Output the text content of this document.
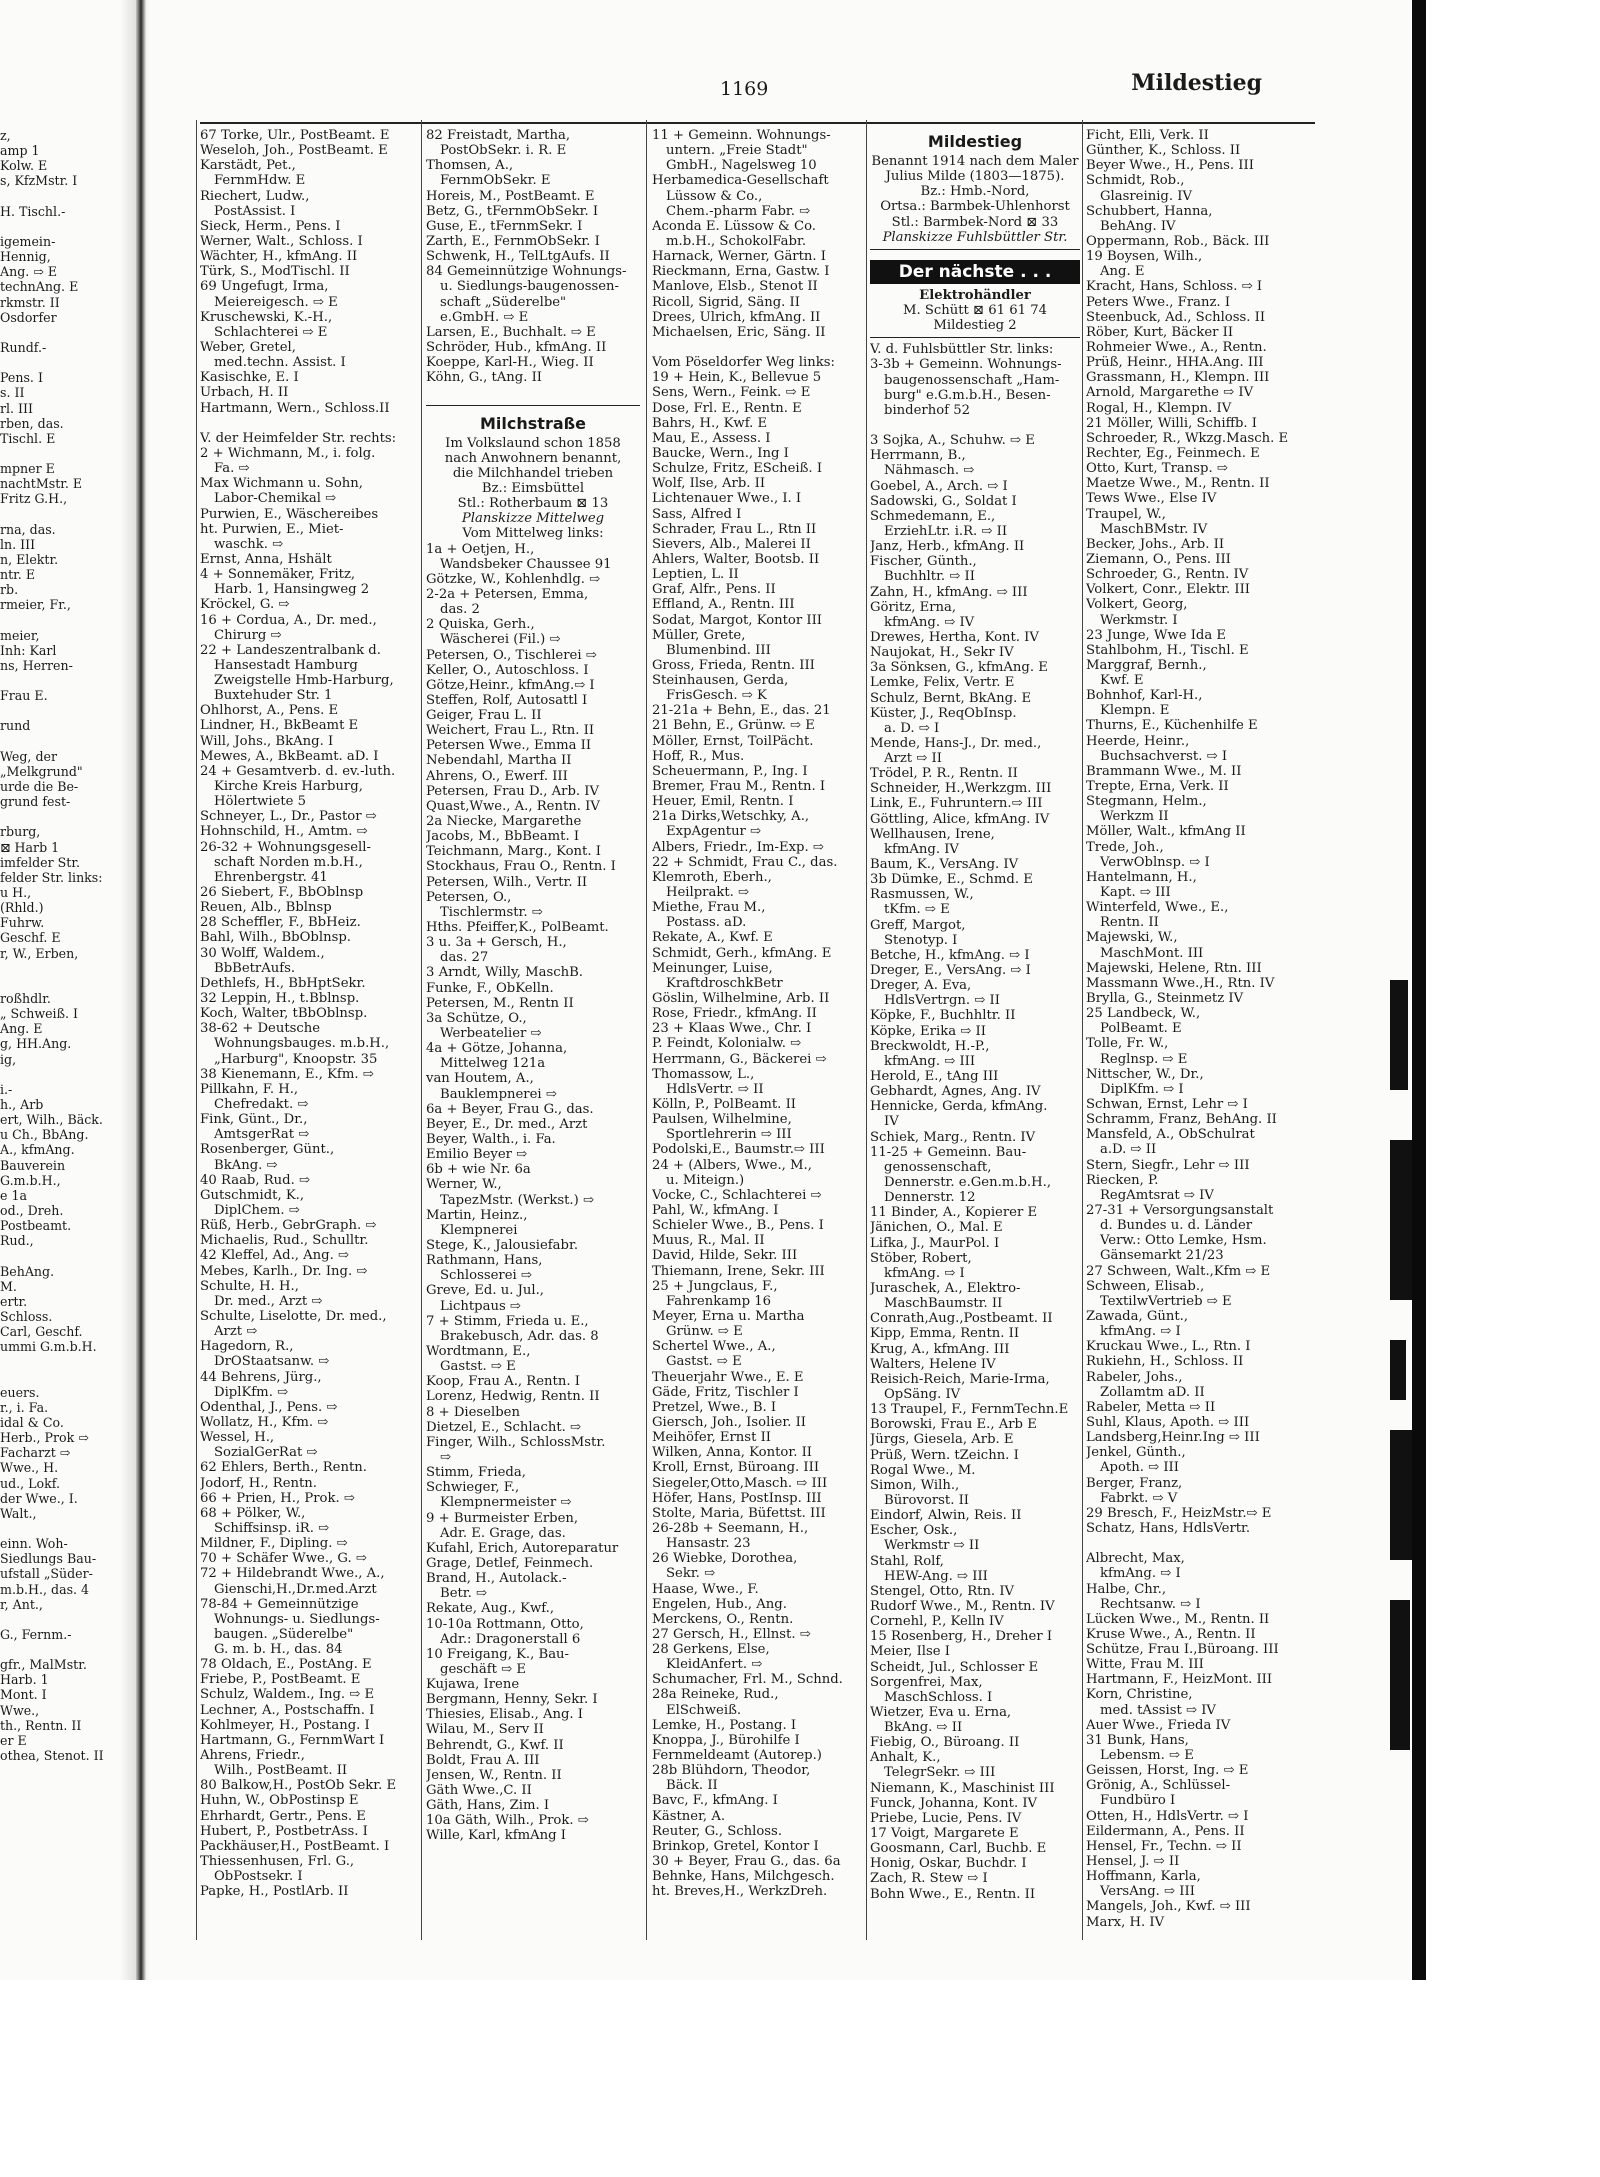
1169	Mildestieg
z,
amp 1
Kolw. E
s, KfzMstr. I
H. Tischl.-
igemein-
Hennig,
Ang. ⇨ E
technAng. E
rkmstr. II
Osdorfer
Rundf.-
Pens. I
s. II
rl. III
rben, das.
Tischl. E
mpner E
nachtMstr. E
Fritz G.H.,
rna, das.
ln. III
n, Elektr.
ntr. E
rb.
rmeier, Fr.,
meier,
Inh: Karl
ns, Herren-
Frau E.
rund
Weg, der
„Melkgrund"
urde die Be-
grund fest-
rburg,
⊠ Harb 1
imfelder Str.
felder Str. links:
u H.,
(Rhld.)
Fuhrw.
Geschf. E
r, W., Erben,
roßhdlr.
„ Schweiß. I
Ang. E
g, HH.Ang.
ig,
i.-
h., Arb
ert, Wilh., Bäck.
u Ch., BbAng.
A., kfmAng.
Bauverein
G.m.b.H.,
e 1a
od., Dreh.
Postbeamt.
Rud.,
BehAng.
M.
ertr.
Schloss.
Carl, Geschf.
ummi G.m.b.H.
euers.
r., i. Fa.
idal & Co.
Herb., Prok ⇨
Facharzt ⇨
Wwe., H.
ud., Lokf.
der Wwe., I.
Walt.,
einn. Woh-
Siedlungs Bau-
ufstall „Süder-
m.b.H., das. 4
r, Ant.,
G., Fernm.-
gfr., MalMstr.
Harb. 1
Mont. I
Wwe.,
th., Rentn. II
er E
othea, Stenot. II
67 Torke, Ulr., PostBeamt. E
Weseloh, Joh., PostBeamt. E
Karstädt, Pet.,
FernmHdw. E
Riechert, Ludw.,
PostAssist. I
Sieck, Herm., Pens. I
Werner, Walt., Schloss. I
Wächter, H., kfmAng. II
Türk, S., ModTischl. II
69 Ungefugt, Irma,
Meiereigesch. ⇨ E
Kruschewski, K.-H.,
Schlachterei ⇨ E
Weber, Gretel,
med.techn. Assist. I
Kasischke, E. I
Urbach, H. II
Hartmann, Wern., Schloss.II
V. der Heimfelder Str. rechts:
2 + Wichmann, M., i. folg.
Fa. ⇨
Max Wichmann u. Sohn,
Labor-Chemikal ⇨
Purwien, E., Wäschereibes
ht. Purwien, E., Miet-
waschk. ⇨
Ernst, Anna, Hshält
4 + Sonnemäker, Fritz,
Harb. 1, Hansingweg 2
Kröckel, G. ⇨
16 + Cordua, A., Dr. med.,
Chirurg ⇨
22 + Landeszentralbank d.
Hansestadt Hamburg
Zweigstelle Hmb-Harburg,
Buxtehuder Str. 1
Ohlhorst, A., Pens. E
Lindner, H., BkBeamt E
Will, Johs., BkAng. I
Mewes, A., BkBeamt. aD. I
24 + Gesamtverb. d. ev.-luth.
Kirche Kreis Harburg,
Hölertwiete 5
Schneyer, L., Dr., Pastor ⇨
Hohnschild, H., Amtm. ⇨
26-32 + Wohnungsgesell-
schaft Norden m.b.H.,
Ehrenbergstr. 41
26 Siebert, F., BbOblnsp
Reuen, Alb., Bblnsp
28 Scheffler, F., BbHeiz.
Bahl, Wilh., BbOblnsp.
30 Wolff, Waldem.,
BbBetrAufs.
Dethlefs, H., BbHptSekr.
32 Leppin, H., t.Bblnsp.
Koch, Walter, tBbOblnsp.
38-62 + Deutsche
Wohnungsbauges. m.b.H.,
„Harburg", Knoopstr. 35
38 Kienemann, E., Kfm. ⇨
Pillkahn, F. H.,
Chefredakt. ⇨
Fink, Günt., Dr.,
AmtsgerRat ⇨
Rosenberger, Günt.,
BkAng. ⇨
40 Raab, Rud. ⇨
Gutschmidt, K.,
DiplChem. ⇨
Rüß, Herb., GebrGraph. ⇨
Michaelis, Rud., Schulltr.
42 Kleffel, Ad., Ang. ⇨
Mebes, Karlh., Dr. Ing. ⇨
Schulte, H. H.,
Dr. med., Arzt ⇨
Schulte, Liselotte, Dr. med.,
Arzt ⇨
Hagedorn, R.,
DrOStaatsanw. ⇨
44 Behrens, Jürg.,
DiplKfm. ⇨
Odenthal, J., Pens. ⇨
Wollatz, H., Kfm. ⇨
Wessel, H.,
SozialGerRat ⇨
62 Ehlers, Berth., Rentn.
Jodorf, H., Rentn.
66 + Prien, H., Prok. ⇨
68 + Pölker, W.,
Schiffsinsp. iR. ⇨
Mildner, F., Dipling. ⇨
70 + Schäfer Wwe., G. ⇨
72 + Hildebrandt Wwe., A.,
Gienschi,H.,Dr.med.Arzt
78-84 + Gemeinnützige
Wohnungs- u. Siedlungs-
baugen. „Süderelbe"
G. m. b. H., das. 84
78 Oldach, E., PostAng. E
Friebe, P., PostBeamt. E
Schulz, Waldem., Ing. ⇨ E
Lechner, A., Postschaffn. I
Kohlmeyer, H., Postang. I
Hartmann, G., FernmWart I
Ahrens, Friedr.,
Wilh., PostBeamt. II
80 Balkow,H., PostOb Sekr. E
Huhn, W., ObPostinsp E
Ehrhardt, Gertr., Pens. E
Hubert, P., PostbetrAss. I
Packhäuser,H., PostBeamt. I
Thiessenhusen, Frl. G.,
ObPostsekr. I
Papke, H., PostlArb. II
82 Freistadt, Martha,
PostObSekr. i. R. E
Thomsen, A.,
FernmObSekr. E
Horeis, M., PostBeamt. E
Betz, G., tFernmObSekr. I
Guse, E., tFernmSekr. I
Zarth, E., FernmObSekr. I
Schwenk, H., TelLtgAufs. II
84 Gemeinnützige Wohnungs-
u. Siedlungs-baugenossen-
schaft „Süderelbe"
e.GmbH. ⇨ E
Larsen, E., Buchhalt. ⇨ E
Schröder, Hub., kfmAng. II
Koeppe, Karl-H., Wieg. II
Köhn, G., tAng. II
Milchstraße
Im Volkslaund schon 1858
nach Anwohnern benannt,
die Milchhandel trieben
Bz.: Eimsbüttel
Stl.: Rotherbaum ⊠ 13
Planskizze Mittelweg
Vom Mittelweg links:
1a + Oetjen, H.,
Wandsbeker Chaussee 91
Götzke, W., Kohlenhdlg. ⇨
2-2a + Petersen, Emma,
das. 2
2 Quiska, Gerh.,
Wäscherei (Fil.) ⇨
Petersen, O., Tischlerei ⇨
Keller, O., Autoschloss. I
Götze,Heinr., kfmAng.⇨ I
Steffen, Rolf, Autosattl I
Geiger, Frau L. II
Weichert, Frau L., Rtn. II
Petersen Wwe., Emma II
Nebendahl, Martha II
Ahrens, O., Ewerf. III
Petersen, Frau D., Arb. IV
Quast,Wwe., A., Rentn. IV
2a Niecke, Margarethe
Jacobs, M., BbBeamt. I
Teichmann, Marg., Kont. I
Stockhaus, Frau O., Rentn. I
Petersen, Wilh., Vertr. II
Petersen, O.,
Tischlermstr. ⇨
Hths. Pfeiffer,K., PolBeamt.
3 u. 3a + Gersch, H.,
das. 27
3 Arndt, Willy, MaschB.
Funke, F., ObKelln.
Petersen, M., Rentn II
3a Schütze, O.,
Werbeatelier ⇨
4a + Götze, Johanna,
Mittelweg 121a
van Houtem, A.,
Bauklempnerei ⇨
6a + Beyer, Frau G., das.
Beyer, E., Dr. med., Arzt
Beyer, Walth., i. Fa.
Emilio Beyer ⇨
6b + wie Nr. 6a
Werner, W.,
TapezMstr. (Werkst.) ⇨
Martin, Heinz.,
Klempnerei
Stege, K., Jalousiefabr.
Rathmann, Hans,
Schlosserei ⇨
Greve, Ed. u. Jul.,
Lichtpaus ⇨
7 + Stimm, Frieda u. E.,
Brakebusch, Adr. das. 8
Wordtmann, E.,
Gastst. ⇨ E
Koop, Frau A., Rentn. I
Lorenz, Hedwig, Rentn. II
8 + Dieselben
Dietzel, E., Schlacht. ⇨
Finger, Wilh., SchlossMstr.
⇨
Stimm, Frieda,
Schwieger, F.,
Klempnermeister ⇨
9 + Burmeister Erben,
Adr. E. Grage, das.
Kufahl, Erich, Autoreparatur
Grage, Detlef, Feinmech.
Brand, H., Autolack.-
Betr. ⇨
Rekate, Aug., Kwf.,
10-10a Rottmann, Otto,
Adr.: Dragonerstall 6
10 Freigang, K., Bau-
geschäft ⇨ E
Kujawa, Irene
Bergmann, Henny, Sekr. I
Thiesies, Elisab., Ang. I
Wilau, M., Serv II
Behrendt, G., Kwf. II
Boldt, Frau A. III
Jensen, W., Rentn. II
Gäth Wwe.,C. II
Gäth, Hans, Zim. I
10a Gäth, Wilh., Prok. ⇨
Wille, Karl, kfmAng I
11 + Gemeinn. Wohnungs-
untern. „Freie Stadt"
GmbH., Nagelsweg 10
Herbamedica-Gesellschaft
Lüssow & Co.,
Chem.-pharm Fabr. ⇨
Aconda E. Lüssow & Co.
m.b.H., SchokolFabr.
Harnack, Werner, Gärtn. I
Rieckmann, Erna, Gastw. I
Manlove, Elsb., Stenot II
Ricoll, Sigrid, Säng. II
Drees, Ulrich, kfmAng. II
Michaelsen, Eric, Säng. II
Vom Pöseldorfer Weg links:
19 + Hein, K., Bellevue 5
Sens, Wern., Feink. ⇨ E
Dose, Frl. E., Rentn. E
Bahrs, H., Kwf. E
Mau, E., Assess. I
Baucke, Wern., Ing I
Schulze, Fritz, EScheiß. I
Wolf, Ilse, Arb. II
Lichtenauer Wwe., I. I
Sass, Alfred I
Schrader, Frau L., Rtn II
Sievers, Alb., Malerei II
Ahlers, Walter, Bootsb. II
Leptien, L. II
Graf, Alfr., Pens. II
Effland, A., Rentn. III
Sodat, Margot, Kontor III
Müller, Grete,
Blumenbind. III
Gross, Frieda, Rentn. III
Steinhausen, Gerda,
FrisGesch. ⇨ K
21-21a + Behn, E., das. 21
21 Behn, E., Grünw. ⇨ E
Möller, Ernst, ToilPächt.
Hoff, R., Mus.
Scheuermann, P., Ing. I
Bremer, Frau M., Rentn. I
Heuer, Emil, Rentn. I
21a Dirks,Wetschky, A.,
ExpAgentur ⇨
Albers, Friedr., Im-Exp. ⇨
22 + Schmidt, Frau C., das.
Klemroth, Eberh.,
Heilprakt. ⇨
Miethe, Frau M.,
Postass. aD.
Rekate, A., Kwf. E
Schmidt, Gerh., kfmAng. E
Meinunger, Luise,
KraftdroschkBetr
Göslin, Wilhelmine, Arb. II
Rose, Friedr., kfmAng. II
23 + Klaas Wwe., Chr. I
P. Feindt, Kolonialw. ⇨
Herrmann, G., Bäckerei ⇨
Thomassow, L.,
HdlsVertr. ⇨ II
Kölln, P., PolBeamt. II
Paulsen, Wilhelmine,
Sportlehrerin ⇨ III
Podolski,E., Baumstr.⇨ III
24 + (Albers, Wwe., M.,
u. Miteign.)
Vocke, C., Schlachterei ⇨
Pahl, W., kfmAng. I
Schieler Wwe., B., Pens. I
Muus, R., Mal. II
David, Hilde, Sekr. III
Thiemann, Irene, Sekr. III
25 + Jungclaus, F.,
Fahrenkamp 16
Meyer, Erna u. Martha
Grünw. ⇨ E
Schertel Wwe., A.,
Gastst. ⇨ E
Theuerjahr Wwe., E. E
Gäde, Fritz, Tischler I
Pretzel, Wwe., B. I
Giersch, Joh., Isolier. II
Meihöfer, Ernst II
Wilken, Anna, Kontor. II
Kroll, Ernst, Büroang. III
Siegeler,Otto,Masch. ⇨ III
Höfer, Hans, PostInsp. III
Stolte, Maria, Büfettst. III
26-28b + Seemann, H.,
Hansastr. 23
26 Wiebke, Dorothea,
Sekr. ⇨
Haase, Wwe., F.
Engelen, Hub., Ang.
Merckens, O., Rentn.
27 Gersch, H., Ellnst. ⇨
28 Gerkens, Else,
KleidAnfert. ⇨
Schumacher, Frl. M., Schnd.
28a Reineke, Rud.,
ElSchweiß.
Lemke, H., Postang. I
Knoppa, J., Bürohilfe I
Fernmeldeamt (Autorep.)
28b Blühdorn, Theodor,
Bäck. II
Bavc, F., kfmAng. I
Kästner, A.
Reuter, G., Schloss.
Brinkop, Gretel, Kontor I
30 + Beyer, Frau G., das. 6a
Behnke, Hans, Milchgesch.
ht. Breves,H., WerkzDreh.
Mildestieg
Benannt 1914 nach dem Maler
Julius Milde (1803—1875).
Bz.: Hmb.-Nord,
Ortsa.: Barmbek-Uhlenhorst
Stl.: Barmbek-Nord ⊠ 33
Planskizze Fuhlsbüttler Str.
Der nächste . . .
Elektrohändler
M. Schütt ⊠ 61 61 74
Mildestieg 2
V. d. Fuhlsbüttler Str. links:
3-3b + Gemeinn. Wohnungs-
baugenossenschaft „Ham-
burg" e.G.m.b.H., Besen-
binderhof 52
3 Sojka, A., Schuhw. ⇨ E
Herrmann, B.,
Nähmasch. ⇨
Goebel, A., Arch. ⇨ I
Sadowski, G., Soldat I
Schmedemann, E.,
ErziehLtr. i.R. ⇨ II
Janz, Herb., kfmAng. II
Fischer, Günth.,
Buchhltr. ⇨ II
Zahn, H., kfmAng. ⇨ III
Göritz, Erna,
kfmAng. ⇨ IV
Drewes, Hertha, Kont. IV
Naujokat, H., Sekr IV
3a Sönksen, G., kfmAng. E
Lemke, Felix, Vertr. E
Schulz, Bernt, BkAng. E
Küster, J., ReqObInsp.
a. D. ⇨ I
Mende, Hans-J., Dr. med.,
Arzt ⇨ II
Trödel, P. R., Rentn. II
Schneider, H.,Werkzgm. III
Link, E., Fuhruntern.⇨ III
Göttling, Alice, kfmAng. IV
Wellhausen, Irene,
kfmAng. IV
Baum, K., VersAng. IV
3b Dümke, E., Schmd. E
Rasmussen, W.,
tKfm. ⇨ E
Greff, Margot,
Stenotyp. I
Betche, H., kfmAng. ⇨ I
Dreger, E., VersAng. ⇨ I
Dreger, A. Eva,
HdlsVertrgn. ⇨ II
Köpke, F., Buchhltr. II
Köpke, Erika ⇨ II
Breckwoldt, H.-P.,
kfmAng. ⇨ III
Herold, E., tAng III
Gebhardt, Agnes, Ang. IV
Hennicke, Gerda, kfmAng.
IV
Schiek, Marg., Rentn. IV
11-25 + Gemeinn. Bau-
genossenschaft,
Dennerstr. e.Gen.m.b.H.,
Dennerstr. 12
11 Binder, A., Kopierer E
Jänichen, O., Mal. E
Lifka, J., MaurPol. I
Stöber, Robert,
kfmAng. ⇨ I
Juraschek, A., Elektro-
MaschBaumstr. II
Conrath,Aug.,Postbeamt. II
Kipp, Emma, Rentn. II
Krug, A., kfmAng. III
Walters, Helene IV
Reisich-Reich, Marie-Irma,
OpSäng. IV
13 Traupel, F., FernmTechn.E
Borowski, Frau E., Arb E
Jürgs, Giesela, Arb. E
Prüß, Wern. tZeichn. I
Rogal Wwe., M.
Simon, Wilh.,
Bürovorst. II
Eindorf, Alwin, Reis. II
Escher, Osk.,
Werkmstr ⇨ II
Stahl, Rolf,
HEW-Ang. ⇨ III
Stengel, Otto, Rtn. IV
Rudorf Wwe., M., Rentn. IV
Cornehl, P., Kelln IV
15 Rosenberg, H., Dreher I
Meier, Ilse I
Scheidt, Jul., Schlosser E
Sorgenfrei, Max,
MaschSchloss. I
Wietzer, Eva u. Erna,
BkAng. ⇨ II
Fiebig, O., Büroang. II
Anhalt, K.,
TelegrSekr. ⇨ III
Niemann, K., Maschinist III
Funck, Johanna, Kont. IV
Priebe, Lucie, Pens. IV
17 Voigt, Margarete E
Goosmann, Carl, Buchb. E
Honig, Oskar, Buchdr. I
Zach, R. Stew ⇨ I
Bohn Wwe., E., Rentn. II
Ficht, Elli, Verk. II
Günther, K., Schloss. II
Beyer Wwe., H., Pens. III
Schmidt, Rob.,
Glasreinig. IV
Schubbert, Hanna,
BehAng. IV
Oppermann, Rob., Bäck. III
19 Boysen, Wilh.,
Ang. E
Kracht, Hans, Schloss. ⇨ I
Peters Wwe., Franz. I
Steenbuck, Ad., Schloss. II
Röber, Kurt, Bäcker II
Rohmeier Wwe., A., Rentn.
Prüß, Heinr., HHA.Ang. III
Grassmann, H., Klempn. III
Arnold, Margarethe ⇨ IV
Rogal, H., Klempn. IV
21 Möller, Willi, Schiffb. I
Schroeder, R., Wkzg.Masch. E
Rechter, Eg., Feinmech. E
Otto, Kurt, Transp. ⇨
Maetze Wwe., M., Rentn. II
Tews Wwe., Else IV
Traupel, W.,
MaschBMstr. IV
Becker, Johs., Arb. II
Ziemann, O., Pens. III
Schroeder, G., Rentn. IV
Volkert, Conr., Elektr. III
Volkert, Georg,
Werkmstr. I
23 Junge, Wwe Ida E
Stahlbohm, H., Tischl. E
Marggraf, Bernh.,
Kwf. E
Bohnhof, Karl-H.,
Klempn. E
Thurns, E., Küchenhilfe E
Heerde, Heinr.,
Buchsachverst. ⇨ I
Brammann Wwe., M. II
Trepte, Erna, Verk. II
Stegmann, Helm.,
Werkzm II
Möller, Walt., kfmAng II
Trede, Joh.,
VerwOblnsp. ⇨ I
Hantelmann, H.,
Kapt. ⇨ III
Winterfeld, Wwe., E.,
Rentn. II
Majewski, W.,
MaschMont. III
Majewski, Helene, Rtn. III
Massmann Wwe.,H., Rtn. IV
Brylla, G., Steinmetz IV
25 Landbeck, W.,
PolBeamt. E
Tolle, Fr. W.,
Reglnsp. ⇨ E
Nittscher, W., Dr.,
DiplKfm. ⇨ I
Schwan, Ernst, Lehr ⇨ I
Schramm, Franz, BehAng. II
Mansfeld, A., ObSchulrat
a.D. ⇨ II
Stern, Siegfr., Lehr ⇨ III
Riecken, P.
RegAmtsrat ⇨ IV
27-31 + Versorgungsanstalt
d. Bundes u. d. Länder
Verw.: Otto Lemke, Hsm.
Gänsemarkt 21/23
27 Schween, Walt.,Kfm ⇨ E
Schween, Elisab.,
TextilwVertrieb ⇨ E
Zawada, Günt.,
kfmAng. ⇨ I
Kruckau Wwe., L., Rtn. I
Rukiehn, H., Schloss. II
Rabeler, Johs.,
Zollamtm aD. II
Rabeler, Metta ⇨ II
Suhl, Klaus, Apoth. ⇨ III
Landsberg,Heinr.Ing ⇨ III
Jenkel, Günth.,
Apoth. ⇨ III
Berger, Franz,
Fabrkt. ⇨ V
29 Bresch, F., HeizMstr.⇨ E
Schatz, Hans, HdlsVertr.
Albrecht, Max,
kfmAng. ⇨ I
Halbe, Chr.,
Rechtsanw. ⇨ I
Lücken Wwe., M., Rentn. II
Kruse Wwe., A., Rentn. II
Schütze, Frau I.,Büroang. III
Witte, Frau M. III
Hartmann, F., HeizMont. III
Korn, Christine,
med. tAssist ⇨ IV
Auer Wwe., Frieda IV
31 Bunk, Hans,
Lebensm. ⇨ E
Geissen, Horst, Ing. ⇨ E
Grönig, A., Schlüssel-
Fundbüro I
Otten, H., HdlsVertr. ⇨ I
Eildermann, A., Pens. II
Hensel, Fr., Techn. ⇨ II
Hensel, J. ⇨ II
Hoffmann, Karla,
VersAng. ⇨ III
Mangels, Joh., Kwf. ⇨ III
Marx, H. IV
